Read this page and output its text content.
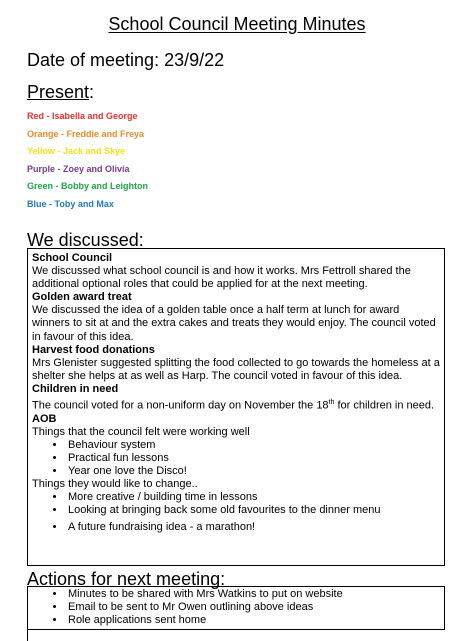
School Council Meeting Minutes
Date of meeting: 23/9/22
Present:
Red - Isabella and George
Orange - Freddie and Freya
Yellow - Jack and Skye
Purple - Zoey and Olivia
Green - Bobby and Leighton
Blue - Toby and Max
We discussed:
School Council

We discussed what school council is and how it works. Mrs Fettroll shared the additional optional roles that could be applied for at the next meeting.

Golden award treat

We discussed the idea of a golden table once a half term at lunch for award winners to sit at and the extra cakes and treats they would enjoy. The council voted in favour of this idea.

Harvest food donations

Mrs Glenister suggested splitting the food collected to go towards the homeless at a shelter she helps at as well as Harp. The council voted in favour of this idea.

Children in need

The council voted for a non-uniform day on November the 18th for children in need.

AOB

Things that the council felt were working well

• Behaviour system
• Practical fun lessons
• Year one love the Disco!

Things they would like to change..

• More creative / building time in lessons
• Looking at bringing back some old favourites to the dinner menu
• A future fundraising idea - a marathon!
Actions for next meeting:
• Minutes to be shared with Mrs Watkins to put on website
• Email to be sent to Mr Owen outlining above ideas
• Role applications sent home
